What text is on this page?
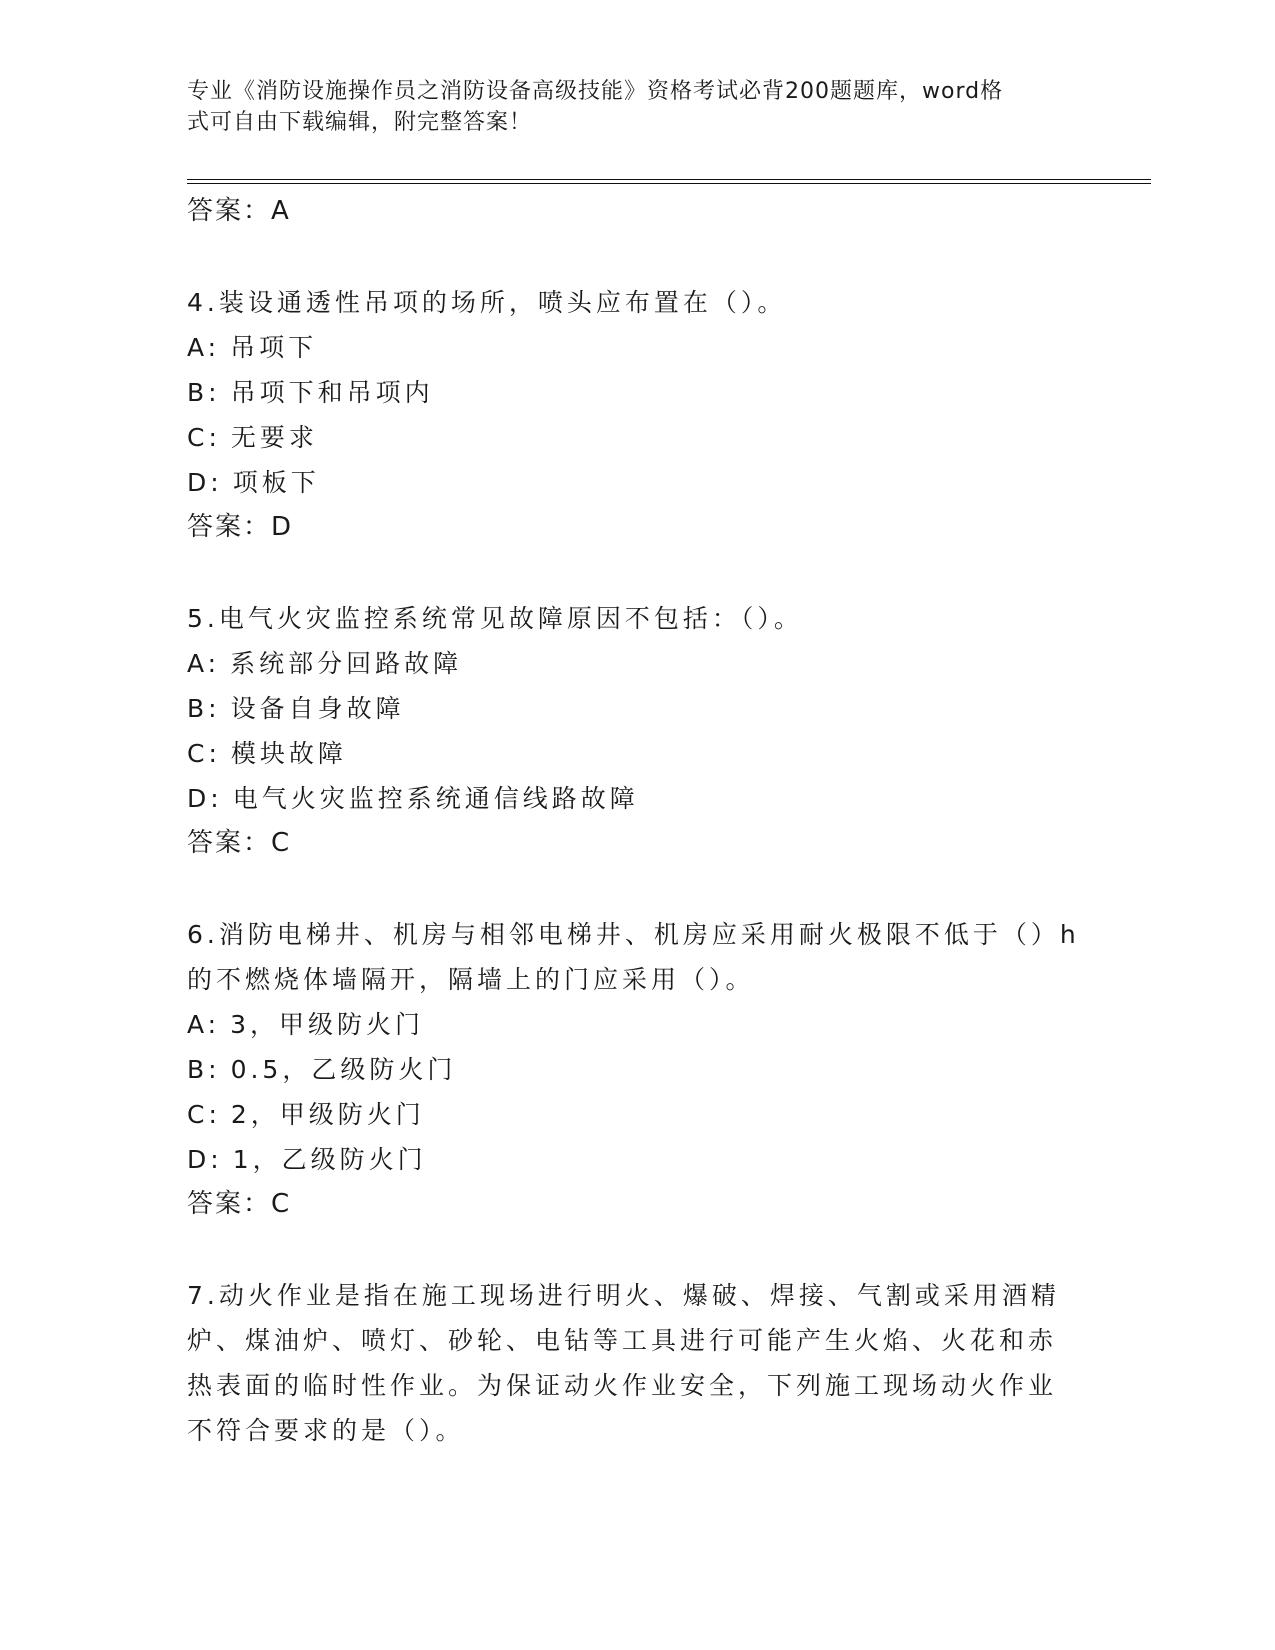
专业《消防设施操作员之消防设备高级技能》资格考试必背200题题库，word格
式可自由下载编辑，附完整答案！
答案：A
4.装设通透性吊项的场所，喷头应布置在（）。
A: 吊项下
B: 吊项下和吊项内
C: 无要求
D: 项板下
答案：D
5.电气火灾监控系统常见故障原因不包括：（）。
A: 系统部分回路故障
B: 设备自身故障
C: 模块故障
D: 电气火灾监控系统通信线路故障
答案：C
6.消防电梯井、机房与相邻电梯井、机房应采用耐火极限不低于（）h
的不燃烧体墙隔开，隔墙上的门应采用（）。
A: 3，甲级防火门
B: 0.5，乙级防火门
C: 2，甲级防火门
D: 1，乙级防火门
答案：C
7.动火作业是指在施工现场进行明火、爆破、焊接、气割或采用酒精
炉、煤油炉、喷灯、砂轮、电钻等工具进行可能产生火焰、火花和赤
热表面的临时性作业。为保证动火作业安全，下列施工现场动火作业
不符合要求的是（）。
